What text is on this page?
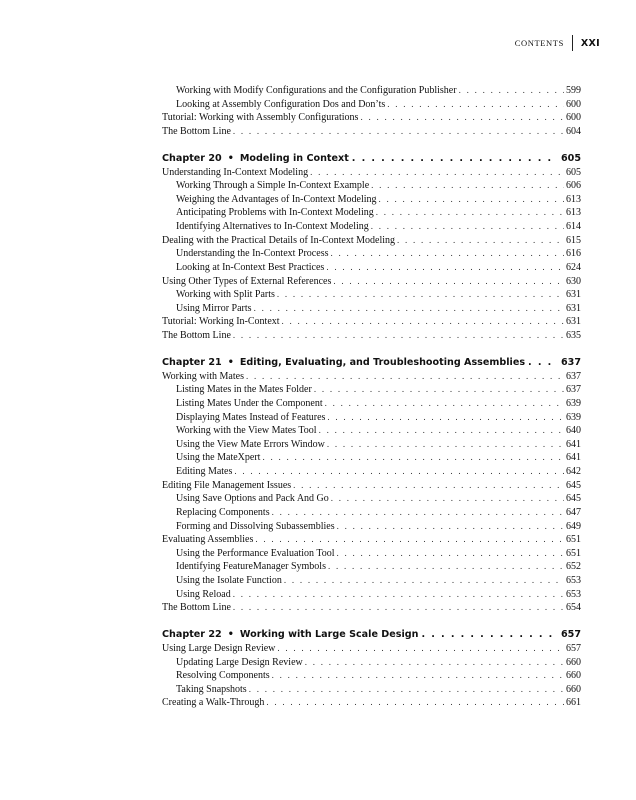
CONTENTS XXI
Working with Modify Configurations and the Configuration Publisher . . .	599
Looking at Assembly Configuration Dos and Don’ts . . .	600
Tutorial: Working with Assembly Configurations . . .	600
The Bottom Line . . .	604
Chapter 20 • Modeling in Context . . .	605
Understanding In-Context Modeling . . .	605
Working Through a Simple In-Context Example . . .	606
Weighing the Advantages of In-Context Modeling . . .	613
Anticipating Problems with In-Context Modeling . . .	613
Identifying Alternatives to In-Context Modeling . . .	614
Dealing with the Practical Details of In-Context Modeling . . .	615
Understanding the In-Context Process . . .	616
Looking at In-Context Best Practices . . .	624
Using Other Types of External References . . .	630
Working with Split Parts . . .	631
Using Mirror Parts . . .	631
Tutorial: Working In-Context . . .	631
The Bottom Line . . .	635
Chapter 21 • Editing, Evaluating, and Troubleshooting Assemblies . . .	637
Working with Mates . . .	637
Listing Mates in the Mates Folder . . .	637
Listing Mates Under the Component . . .	639
Displaying Mates Instead of Features . . .	639
Working with the View Mates Tool . . .	640
Using the View Mate Errors Window . . .	641
Using the MateXpert . . .	641
Editing Mates . . .	642
Editing File Management Issues . . .	645
Using Save Options and Pack And Go . . .	645
Replacing Components . . .	647
Forming and Dissolving Subassemblies . . .	649
Evaluating Assemblies . . .	651
Using the Performance Evaluation Tool . . .	651
Identifying FeatureManager Symbols . . .	652
Using the Isolate Function . . .	653
Using Reload . . .	653
The Bottom Line . . .	654
Chapter 22 • Working with Large Scale Design . . .	657
Using Large Design Review . . .	657
Updating Large Design Review . . .	660
Resolving Components . . .	660
Taking Snapshots . . .	660
Creating a Walk-Through . . .	661
